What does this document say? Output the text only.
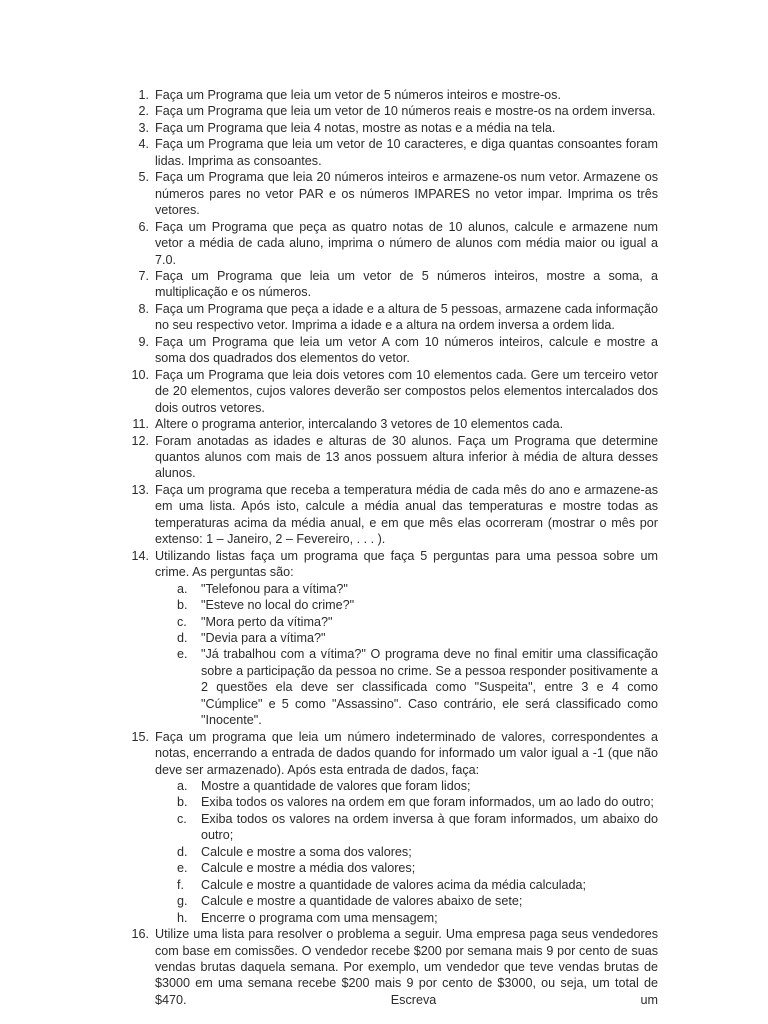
1. Faça um Programa que leia um vetor de 5 números inteiros e mostre-os.
2. Faça um Programa que leia um vetor de 10 números reais e mostre-os na ordem inversa.
3. Faça um Programa que leia 4 notas, mostre as notas e a média na tela.
4. Faça um Programa que leia um vetor de 10 caracteres, e diga quantas consoantes foram lidas. Imprima as consoantes.
5. Faça um Programa que leia 20 números inteiros e armazene-os num vetor. Armazene os números pares no vetor PAR e os números IMPARES no vetor impar. Imprima os três vetores.
6. Faça um Programa que peça as quatro notas de 10 alunos, calcule e armazene num vetor a média de cada aluno, imprima o número de alunos com média maior ou igual a 7.0.
7. Faça um Programa que leia um vetor de 5 números inteiros, mostre a soma, a multiplicação e os números.
8. Faça um Programa que peça a idade e a altura de 5 pessoas, armazene cada informação no seu respectivo vetor. Imprima a idade e a altura na ordem inversa a ordem lida.
9. Faça um Programa que leia um vetor A com 10 números inteiros, calcule e mostre a soma dos quadrados dos elementos do vetor.
10. Faça um Programa que leia dois vetores com 10 elementos cada. Gere um terceiro vetor de 20 elementos, cujos valores deverão ser compostos pelos elementos intercalados dos dois outros vetores.
11. Altere o programa anterior, intercalando 3 vetores de 10 elementos cada.
12. Foram anotadas as idades e alturas de 30 alunos. Faça um Programa que determine quantos alunos com mais de 13 anos possuem altura inferior à média de altura desses alunos.
13. Faça um programa que receba a temperatura média de cada mês do ano e armazene-as em uma lista. Após isto, calcule a média anual das temperaturas e mostre todas as temperaturas acima da média anual, e em que mês elas ocorreram (mostrar o mês por extenso: 1 – Janeiro, 2 – Fevereiro, . . . ).
14. Utilizando listas faça um programa que faça 5 perguntas para uma pessoa sobre um crime. As perguntas são:
a. "Telefonou para a vítima?"
b. "Esteve no local do crime?"
c.	"Mora perto da vítima?"
d. "Devia para a vítima?"
e. "Já trabalhou com a vítima?" O programa deve no final emitir uma classificação sobre a participação da pessoa no crime. Se a pessoa responder positivamente a 2 questões ela deve ser classificada como "Suspeita", entre 3 e 4 como "Cúmplice" e 5 como "Assassino". Caso contrário, ele será classificado como "Inocente".
15. Faça um programa que leia um número indeterminado de valores, correspondentes a notas, encerrando a entrada de dados quando for informado um valor igual a -1 (que não deve ser armazenado). Após esta entrada de dados, faça:
a. Mostre a quantidade de valores que foram lidos;
b. Exiba todos os valores na ordem em que foram informados, um ao lado do outro;
c.	Exiba todos os valores na ordem inversa à que foram informados, um abaixo do outro;
d. Calcule e mostre a soma dos valores;
e. Calcule e mostre a média dos valores;
f.	Calcule e mostre a quantidade de valores acima da média calculada;
g. Calcule e mostre a quantidade de valores abaixo de sete;
h. Encerre o programa com uma mensagem;
16. Utilize uma lista para resolver o problema a seguir. Uma empresa paga seus vendedores com base em comissões. O vendedor recebe $200 por semana mais 9 por cento de suas vendas brutas daquela semana. Por exemplo, um vendedor que teve vendas brutas de $3000 em uma semana recebe $200 mais 9 por cento de $3000, ou seja, um total de $470. Escreva um
